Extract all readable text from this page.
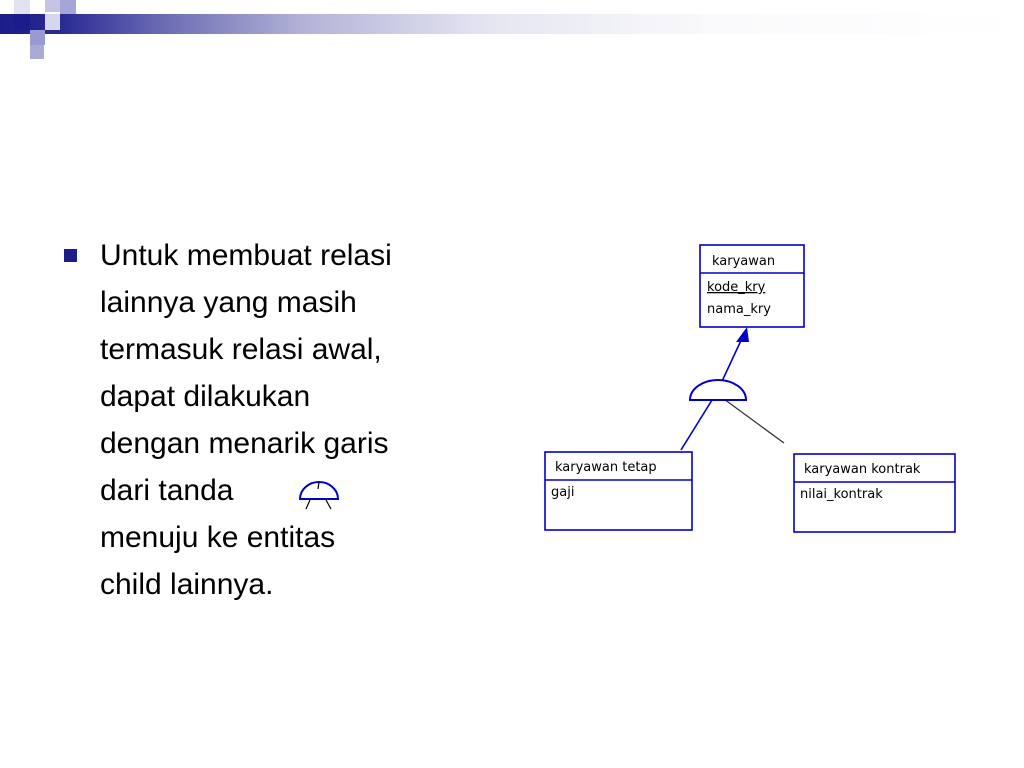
Untuk membuat relasi
lainnya yang masih
termasuk relasi awal,
dapat dilakukan
dengan menarik garis
dari tanda
menuju ke entitas
child lainnya.
karyawan
kode_kry
nama_kry
karyawan tetap
gaji
karyawan kontrak
nilai_kontrak
